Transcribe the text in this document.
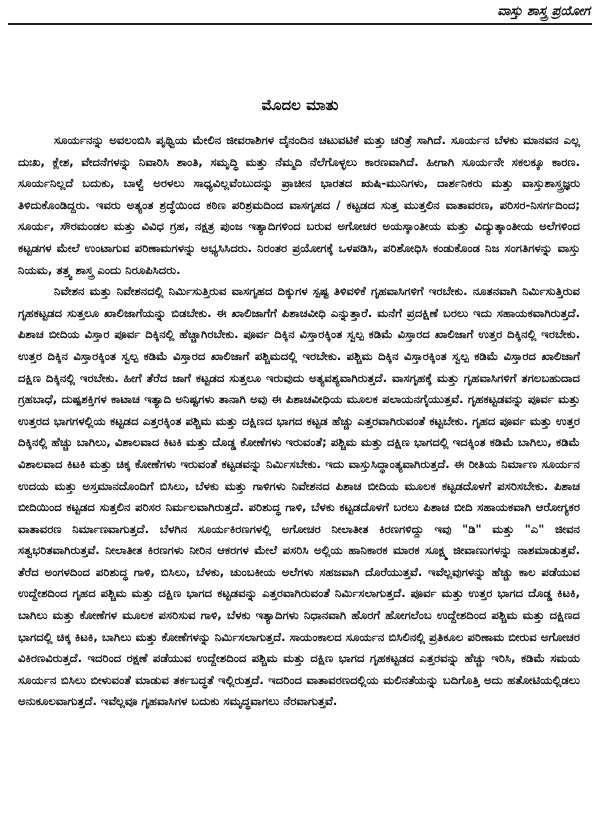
ವಾಸ್ತು ಶಾಸ್ತ್ರ ಪ್ರಯೋಗ
ಮೊದಲ ಮಾತು

ಸೂರ್ಯನನ್ನು ಅವಲಂಬಿಸಿ ಪೃಥ್ವಿಯ ಮೇಲಿನ ಜೀವರಾಶಿಗಳ ದೈನಂದಿನ ಚಟುವಟಿಕೆ ಮತ್ತು ಚರಿತ್ರೆ ಸಾಗಿದೆ. ಸೂರ್ಯನ ಬೆಳಕು ಮಾನವನ ಎಲ್ಲ ದುಃಖ, ಕ್ಲೇಶ, ವೇದನೆಗಳನ್ನು ನಿವಾರಿಸಿ ಶಾಂತಿ, ಸಮೃದ್ಧಿ ಮತ್ತು ನೆಮ್ಮದಿ ನೆಲೆಗೊಳ್ಳಲು ಕಾರಣವಾಗಿದೆ. ಹೀಗಾಗಿ ಸೂರ್ಯನೇ ಸಕಲಕ್ಕೂ ಕಾರಣ. ಸೂರ್ಯನಿಲ್ಲದೆ ಬದುಕು, ಬಾಳ್ವೆ ಅರಳಲು ಸಾಧ್ಯವಿಲ್ಲವೆಂಬುದನ್ನು ಪ್ರಾಚೀನ ಭಾರತದ ಋಷಿ-ಮುನಿಗಳು, ದಾರ್ಶನಿಕರು ಮತ್ತು ವಾಸ್ತುಶಾಸ್ತ್ರಜ್ಞರು ತಿಳಿದುಕೊಂಡಿದ್ದರು. ಇವರು ಅತ್ಯಂತ ಶ್ರದ್ಧೆಯಿಂದ ಕಠಿಣ ಪರಿಶ್ರಮದಿಂದ ವಾಸಗೃಹದ / ಕಟ್ಟಡದ ಸುತ್ತ ಮುತ್ತಲಿನ ವಾತಾವರಣ, ಪರಿಸರ-ನಿಸರ್ಗದಿಂದ; ಸೂರ್ಯ, ಸೌರಮಂಡಲ ಮತ್ತು ವಿವಿಧ ಗ್ರಹ, ನಕ್ಷತ್ರ ಪುಂಜ ಇತ್ಯಾದಿಗಳಿಂದ ಬರುವ ಅಗೋಚರ ಅಯಸ್ಕಾಂತೀಯ ಮತ್ತು ವಿದ್ಯುತ್ಕಾಂತೀಯ ಅಲೆಗಳಿಂದ ಕಟ್ಟಡಗಳ ಮೇಲೆ ಉಂಟಾಗುವ ಪರಿಣಾಮಗಳನ್ನು ಅಭ್ಯಸಿಸಿದರು. ನಿರಂತರ ಪ್ರಯೋಗಕ್ಕೆ ಒಳಪಡಿಸಿ, ಪರಿಶೋಧಿಸಿ ಕಂಡುಕೊಂಡ ನಿಜ ಸಂಗತಿಗಳನ್ನು ವಾಸ್ತು ನಿಯಮ, ತತ್ತ್ವ ಶಾಸ್ತ್ರ ಎಂದು ನಿರೂಪಿಸಿದರು.

ನಿವೇಶನ ಮತ್ತು ನಿವೇಶನದಲ್ಲಿ ನಿರ್ಮಿಸುತ್ತಿರುವ ವಾಸಗೃಹದ ದಿಕ್ಕುಗಳ ಸ್ಪಷ್ಟ ತಿಳಿವಳಿಕೆ ಗೃಹವಾಸಿಗಳಿಗೆ ಇರಬೇಕು. ನೂತನವಾಗಿ ನಿರ್ಮಿಸುತ್ತಿರುವ ಗೃಹಕಟ್ಟಡದ ಸುತ್ತಲೂ ಖಾಲಿಜಾಗೆಯನ್ನು ಬಿಡಬೇಕು. ಈ ಖಾಲಿಜಾಗೆಗೆ ಪಿಶಾಚವೀಧಿ ಎನ್ನುತ್ತಾರೆ. ಮನೆಗೆ ಪ್ರದಕ್ಷಿಣೆ ಬರಲು ಇದು ಸಹಾಯಕವಾಗಿರುತ್ತದೆ. ಪಿಶಾಚ ಬೀದಿಯ ವಿಸ್ತಾರ ಪೂರ್ವ ದಿಕ್ಕಿನಲ್ಲಿ ಹೆಚ್ಚಾಗಿರಬೇಕು. ಪೂರ್ವ ದಿಕ್ಕಿನ ವಿಸ್ತಾರಕ್ಕಿಂತ ಸ್ವಲ್ಪ ಕಡಿಮೆ ವಿಸ್ತಾರದ ಖಾಲಿಜಾಗೆ ಉತ್ತರ ದಿಕ್ಕಿನಲ್ಲಿ ಇರಬೇಕು. ಉತ್ತರ ದಿಕ್ಕಿನ ವಿಸ್ತಾರಕ್ಕಿಂತ ಸ್ವಲ್ಪ ಕಡಿಮೆ ವಿಸ್ತಾರದ ಖಾಲಿಜಾಗೆ ಪಶ್ಚಿಮದಲ್ಲಿ ಇರಬೇಕು. ಪಶ್ಚಿಮ ದಿಕ್ಕಿನ ವಿಸ್ತಾರಕ್ಕಿಂತ ಸ್ವಲ್ಪ ಕಡಿಮೆ ವಿಸ್ತಾರದ ಖಾಲಿಜಾಗೆ ದಕ್ಷಿಣ ದಿಕ್ಕಿನಲ್ಲಿ ಇರಬೇಕು. ಹೀಗೆ ತೆರೆದ ಜಾಗೆ ಕಟ್ಟಡದ ಸುತ್ತಲೂ ಇರುವುದು ಅತ್ಯವಶ್ಯವಾಗಿರುತ್ತದೆ. ವಾಸಗೃಹಕ್ಕೆ ಮತ್ತು ಗೃಹವಾಸಿಗಳಿಗೆ ತಗಲಬಹುದಾದ ಗ್ರಹಬಾಧೆ, ದುಷ್ಪಶಕ್ತಿಗಳ ಕಾಟಾಚ ಇತ್ಯಾದಿ ಅನಿಷ್ಟಗಳು ತಾನಾಗಿ ಅವು ಈ ಪಿಶಾಚವೀಧಿಯ ಮೂಲಕ ಪಲಾಯನಗೈಯುತ್ತವೆ. ಗೃಹಕಟ್ಟಡವನ್ನು ಪೂರ್ವ ಮತ್ತು ಉತ್ತರದ ಭಾಗಗಳಲ್ಲಿಯ ಕಟ್ಟಡದ ಎತ್ತರಕ್ಕಿಂತ ಪಶ್ಚಿಮ ಮತ್ತು ದಕ್ಷಿಣದ ಭಾಗದ ಕಟ್ಟಡ ಹೆಚ್ಚು ಎತ್ತರವಾಗಿರುವಂತೆ ಕಟ್ಟಬೇಕು. ಗೃಹದ ಪೂರ್ವ ಮತ್ತು ಉತ್ತರ ದಿಕ್ಕಿನಲ್ಲಿ ಹೆಚ್ಚು ಬಾಗಿಲು, ವಿಶಾಲವಾದ ಕಿಟಕಿ ಮತ್ತು ದೊಡ್ಡ ಕೋಣೆಗಳು ಇರುವಂತೆ; ಪಶ್ಚಿಮ ಮತ್ತು ದಕ್ಷಿಣ ಭಾಗದಲ್ಲಿ ಇದಕ್ಕಿಂತ ಕಡಿಮೆ ಬಾಗಿಲು, ಕಡಿಮೆ ವಿಶಾಲವಾದ ಕಿಟಕಿ ಮತ್ತು ಚಿಕ್ಕ ಕೋಣೆಗಳು ಇರುವಂತೆ ಕಟ್ಟಡವನ್ನು ನಿರ್ಮಿಸಬೇಕು. ಇದು ವಾಸ್ತುಸಿದ್ಧಾಂತ್ಯವಾಗಿರುತ್ತದೆ. ಈ ರೀತಿಯ ನಿರ್ಮಾಣ ಸೂರ್ಯನ ಉದಯ ಮತ್ತು ಅಸ್ತಮಾನದೊಂದಿಗೆ ಬಿಸಿಲು, ಬೆಳಕು ಮತ್ತು ಗಾಳಿಗಳು ನಿವೇಶನದ ಪಿಶಾಚ ಬೀದಿಯ ಮೂಲಕ ಕಟ್ಟಡದೊಳಗೆ ಪಸರಿಸಬೇಕು. ಪಿಶಾಚ ಬೀದಿಯಿಂದ ಕಟ್ಟಡದ ಸುತ್ತಲಿನ ಪರಿಸರ ನಿರ್ಮಲವಾಗಿರುತ್ತದೆ. ಪರಿಶುದ್ಧ ಗಾಳಿ, ಬೆಳಕು ಕಟ್ಟಡದೊಳಗೆ ಬರಲು ಪಿಶಾಚ ಬೀದಿ ಸಹಾಯಕವಾಗಿ ಆರೋಗ್ಯಕರ ವಾತಾವರಣ ನಿರ್ಮಾಣವಾಗುತ್ತದೆ. ಬೆಳಗಿನ ಸೂರ್ಯಕಿರಣಗಳಲ್ಲಿ ಅಗೋಚರ ನೀಲಾತೀತ ಕಿರಣಗಳಿದ್ದು ಇವು "ಡಿ" ಮತ್ತು "ಎ" ಜೀವನ ಸತ್ವಭರಿತವಾಗಿರುತ್ತವೆ. ನೀಲಾತೀತ ಕಿರಣಗಳು ನೀರಿನ ಆಕರಗಳ ಮೇಲೆ ಪಸರಿಸಿ ಅಲ್ಲಿಯ ಹಾನಿಕಾರಕ ಮಾರಕ ಸೂಕ್ಷ್ಮ ಜೀವಾಣುಗಳನ್ನು ನಾಶಮಾಡುತ್ತವೆ. ತೆರೆದ ಅಂಗಳದಿಂದ ಪರಿಶುದ್ಧ ಗಾಳಿ, ಬಿಸಿಲು, ಬೆಳಕು, ಚುಂಬಕೀಯ ಅಲೆಗಳು ಸಹಜವಾಗಿ ದೊರೆಯುತ್ತವೆ. ಇವೆಲ್ಲವುಗಳನ್ನು ಹೆಚ್ಚು ಕಾಲ ಪಡೆಯುವ ಉದ್ದೇಶದಿಂದ ಗೃಹದ ಪಶ್ಚಿಮ ಮತ್ತು ದಕ್ಷಿಣ ಭಾಗದ ಕಟ್ಟಡವನ್ನು ಎತ್ತರವಾಗಿರುವಂತೆ ನಿರ್ಮಿಸಲಾಗುತ್ತದೆ. ಪೂರ್ವ ಮತ್ತು ಉತ್ತರ ಭಾಗದ ದೊಡ್ಡ ಕಿಟಕಿ, ಬಾಗಿಲು ಮತ್ತು ಕೋಣೆಗಳ ಮೂಲಕ ಪಸರಿಸುವ ಗಾಳಿ, ಬೆಳಕು ಇತ್ಯಾದಿಗಳು ನಿಧಾನವಾಗಿ ಹೊರಗೆ ಹೋಗಲೆಂಬ ಉದ್ದೇಶದಿಂದ ಪಶ್ಚಿಮ ಮತ್ತು ದಕ್ಷಿಣದ ಭಾಗದಲ್ಲಿ ಚಿಕ್ಕ ಕಿಟಕಿ, ಬಾಗಿಲು ಮತ್ತು ಕೋಣೆಗಳನ್ನು ನಿರ್ಮಿಸಲಾಗುತ್ತದೆ. ಸಾಯಂಕಾಲದ ಸೂರ್ಯನ ಬಿಸಿಲಿನಲ್ಲಿ ಪ್ರತಿಕೂಲ ಪರಿಣಾಮ ಬೀರುವ ಅಗೋಚರ ವಿಕಿರಣವಿರುತ್ತದೆ. ಇದರಿಂದ ರಕ್ಷಣೆ ಪಡೆಯುವ ಉದ್ದೇಶದಿಂದ ಪಶ್ಚಿಮ ಮತ್ತು ದಕ್ಷಿಣ ಭಾಗದ ಗೃಹಕಟ್ಟಡದ ಎತ್ತರವನ್ನು ಹೆಚ್ಚು ಇರಿಸಿ, ಕಡಿಮೆ ಸಮಯ ಸೂರ್ಯನ ಬಿಸಿಲು ಬೀಳುವಂತೆ ಮಾಡುವ ತರ್ಕಬದ್ಧತೆ ಇಲ್ಲಿರುತ್ತದೆ. ಇದರಿಂದ ವಾತಾವರಣದಲ್ಲಿಯ ಮಲಿನತೆಯನ್ನು ಬದಿಗೊತ್ತಿ ಅದು ಹತೋಟಿಯಲ್ಲಿಡಲು ಅನುಕೂಲವಾಗುತ್ತದೆ. ಇವೆಲ್ಲವೂ ಗೃಹವಾಸಿಗಳ ಬದುಕು ಸಮೃದ್ಧವಾಗಲು ನೆರವಾಗುತ್ತವೆ.
